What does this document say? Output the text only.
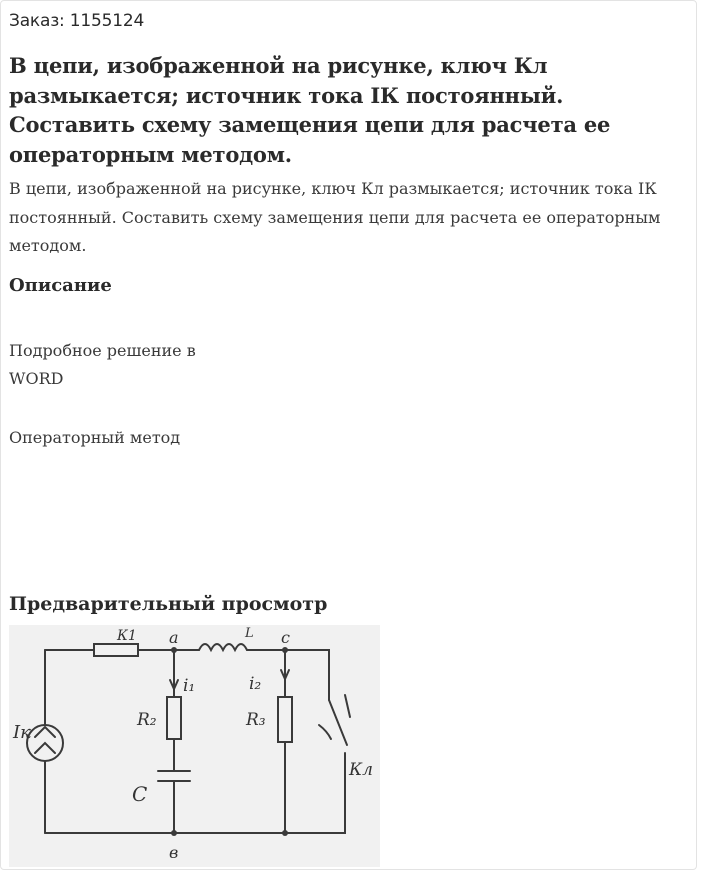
Заказ: 1155124
В цепи, изображенной на рисунке, ключ Кл размыкается; источник тока IК постоянный. Составить схему замещения цепи для расчета ее операторным методом.
В цепи, изображенной на рисунке, ключ Кл размыкается; источник тока IК постоянный. Составить схему замещения цепи для расчета ее операторным методом.
Описание
Подробное решение в WORD
Операторный метод
Предварительный просмотр
К1 a	L c
i₁	i₂
R₂	R₃
C
Iк
Кл
в
